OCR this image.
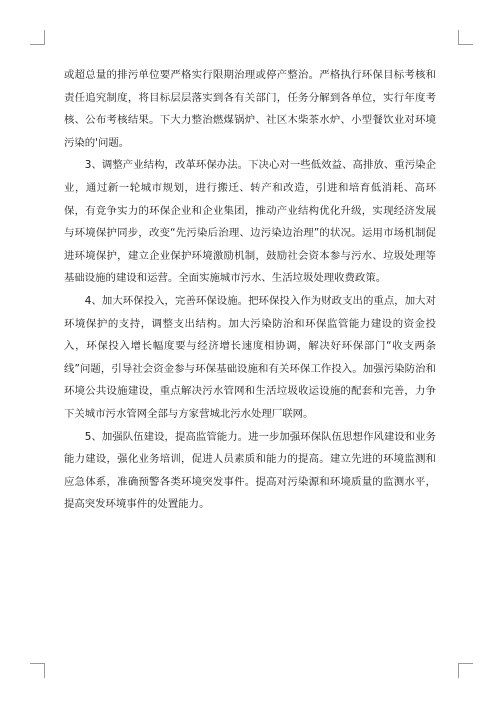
或超总量的排污单位要严格实行限期治理或停产整治。严格执行环保目标考核和责任追究制度，将目标层层落实到各有关部门，任务分解到各单位，实行年度考核、公布考核结果。下大力整治燃煤锅炉、社区木柴茶水炉、小型餐饮业对环境污染的'问题。

3、调整产业结构，改革环保办法。下决心对一些低效益、高排放、重污染企业，通过新一轮城市规划，进行搬迁、转产和改造，引进和培育低消耗、高环保，有竞争实力的环保企业和企业集团，推动产业结构优化升级，实现经济发展与环境保护同步，改变“先污染后治理、边污染边治理”的状况。运用市场机制促进环境保护，建立企业保护环境激励机制，鼓励社会资本参与污水、垃圾处理等基础设施的建设和运营。全面实施城市污水、生活垃圾处理收费政策。

4、加大环保投入，完善环保设施。把环保投入作为财政支出的重点，加大对环境保护的支持，调整支出结构。加大污染防治和环保监管能力建设的资金投入，环保投入增长幅度要与经济增长速度相协调，解决好环保部门“收支两条线”问题，引导社会资金参与环保基础设施和有关环保工作投入。加强污染防治和环境公共设施建设，重点解决污水管网和生活垃圾收运设施的配套和完善，力争下关城市污水管网全部与方家营城北污水处理厂联网。

5、加强队伍建设，提高监管能力。进一步加强环保队伍思想作风建设和业务能力建设，强化业务培训，促进人员素质和能力的提高。建立先进的环境监测和应急体系，准确预警各类环境突发事件。提高对污染源和环境质量的监测水平，提高突发环境事件的处置能力。
